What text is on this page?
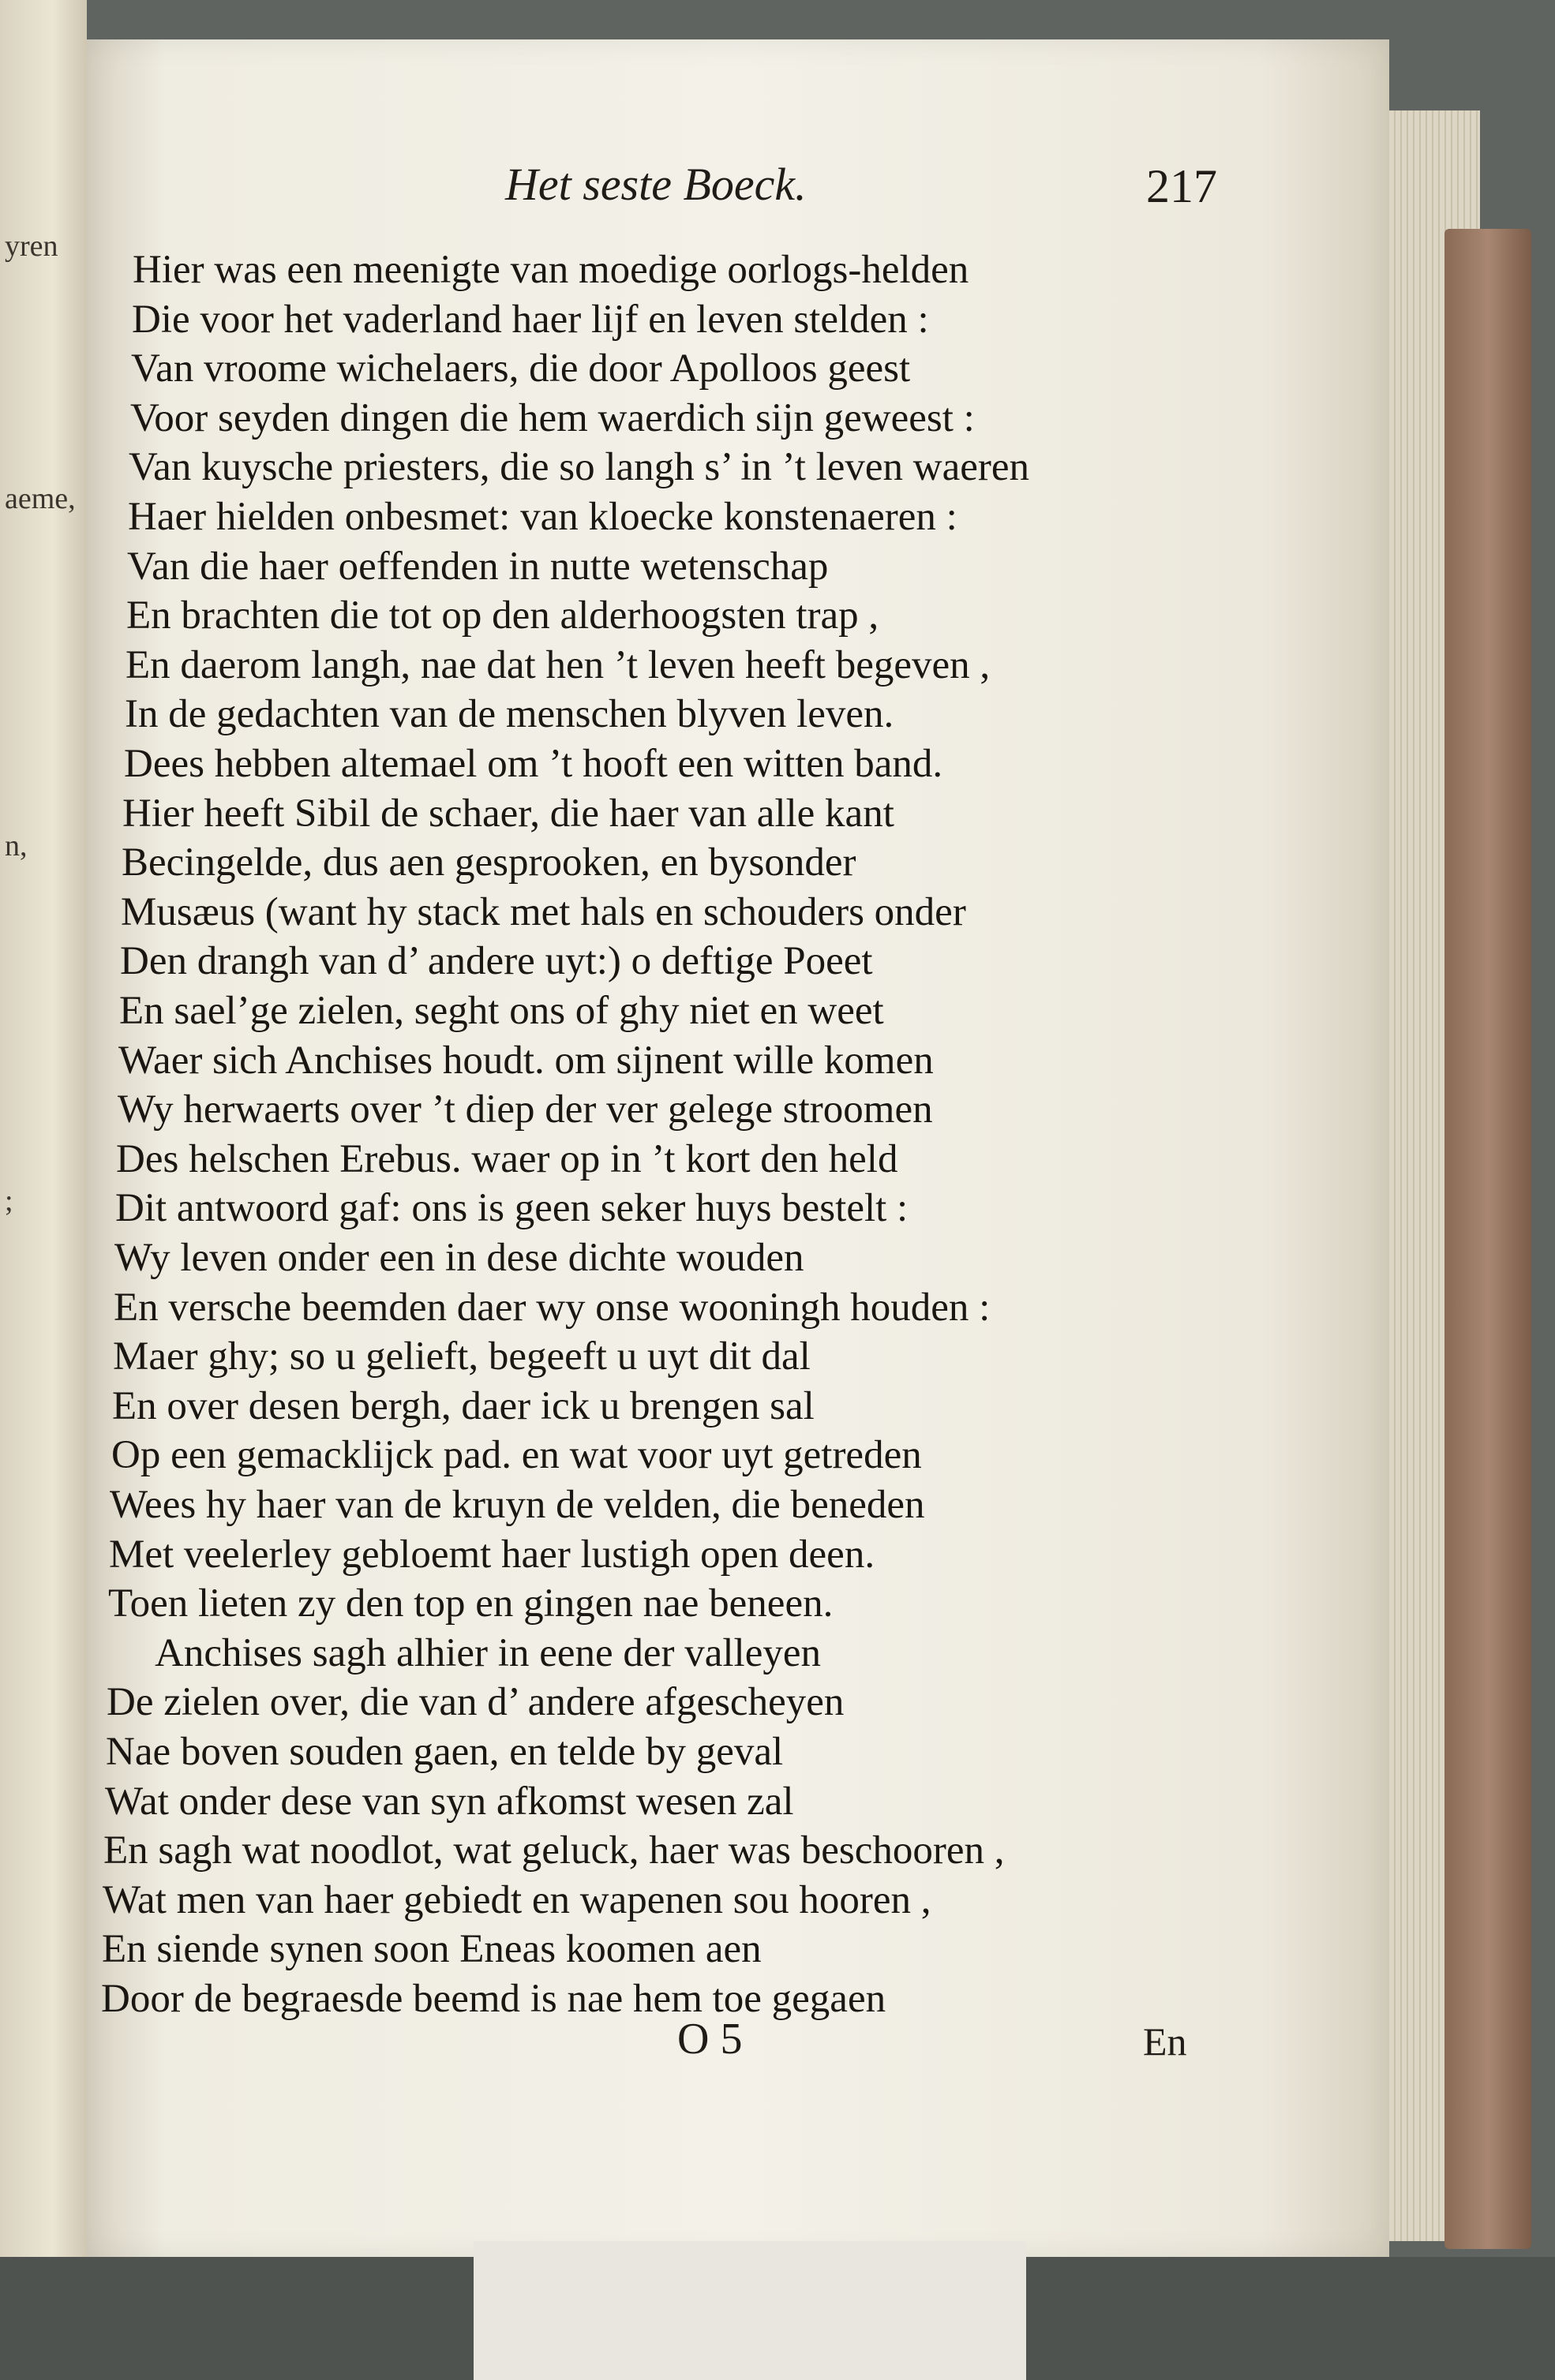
yren
aeme,
n,
;
Het seste Boeck.	217
Hier was een meenigte van moedige oorlogs-helden
Die voor het vaderland haer lijf en leven stelden :
Van vroome wichelaers, die door Apolloos geest
Voor seyden dingen die hem waerdich sijn geweest :
Van kuysche priesters, die so langh s’ in ’t leven waeren
Haer hielden onbesmet: van kloecke konstenaeren :
Van die haer oeffenden in nutte wetenschap
En brachten die tot op den alderhoogsten trap ,
En daerom langh, nae dat hen ’t leven heeft begeven ,
In de gedachten van de menschen blyven leven.
Dees hebben altemael om ’t hooft een witten band.
Hier heeft Sibil de schaer, die haer van alle kant
Becingelde, dus aen gesprooken, en bysonder
Musæus (want hy stack met hals en schouders onder
Den drangh van d’ andere uyt:) o deftige Poeet
En sael’ge zielen, seght ons of ghy niet en weet
Waer sich Anchises houdt. om sijnent wille komen
Wy herwaerts over ’t diep der ver gelege stroomen
Des helschen Erebus. waer op in ’t kort den held
Dit antwoord gaf: ons is geen seker huys bestelt :
Wy leven onder een in dese dichte wouden
En versche beemden daer wy onse wooningh houden :
Maer ghy; so u gelieft, begeeft u uyt dit dal
En over desen bergh, daer ick u brengen sal
Op een gemacklijck pad. en wat voor uyt getreden
Wees hy haer van de kruyn de velden, die beneden
Met veelerley gebloemt haer lustigh open deen.
Toen lieten zy den top en gingen nae beneen.
Anchises sagh alhier in eene der valleyen
De zielen over, die van d’ andere afgescheyen
Nae boven souden gaen, en telde by geval
Wat onder dese van syn afkomst wesen zal
En sagh wat noodlot, wat geluck, haer was beschooren ,
Wat men van haer gebiedt en wapenen sou hooren ,
En siende synen soon Eneas koomen aen
Door de begraesde beemd is nae hem toe gegaen
O 5	En
